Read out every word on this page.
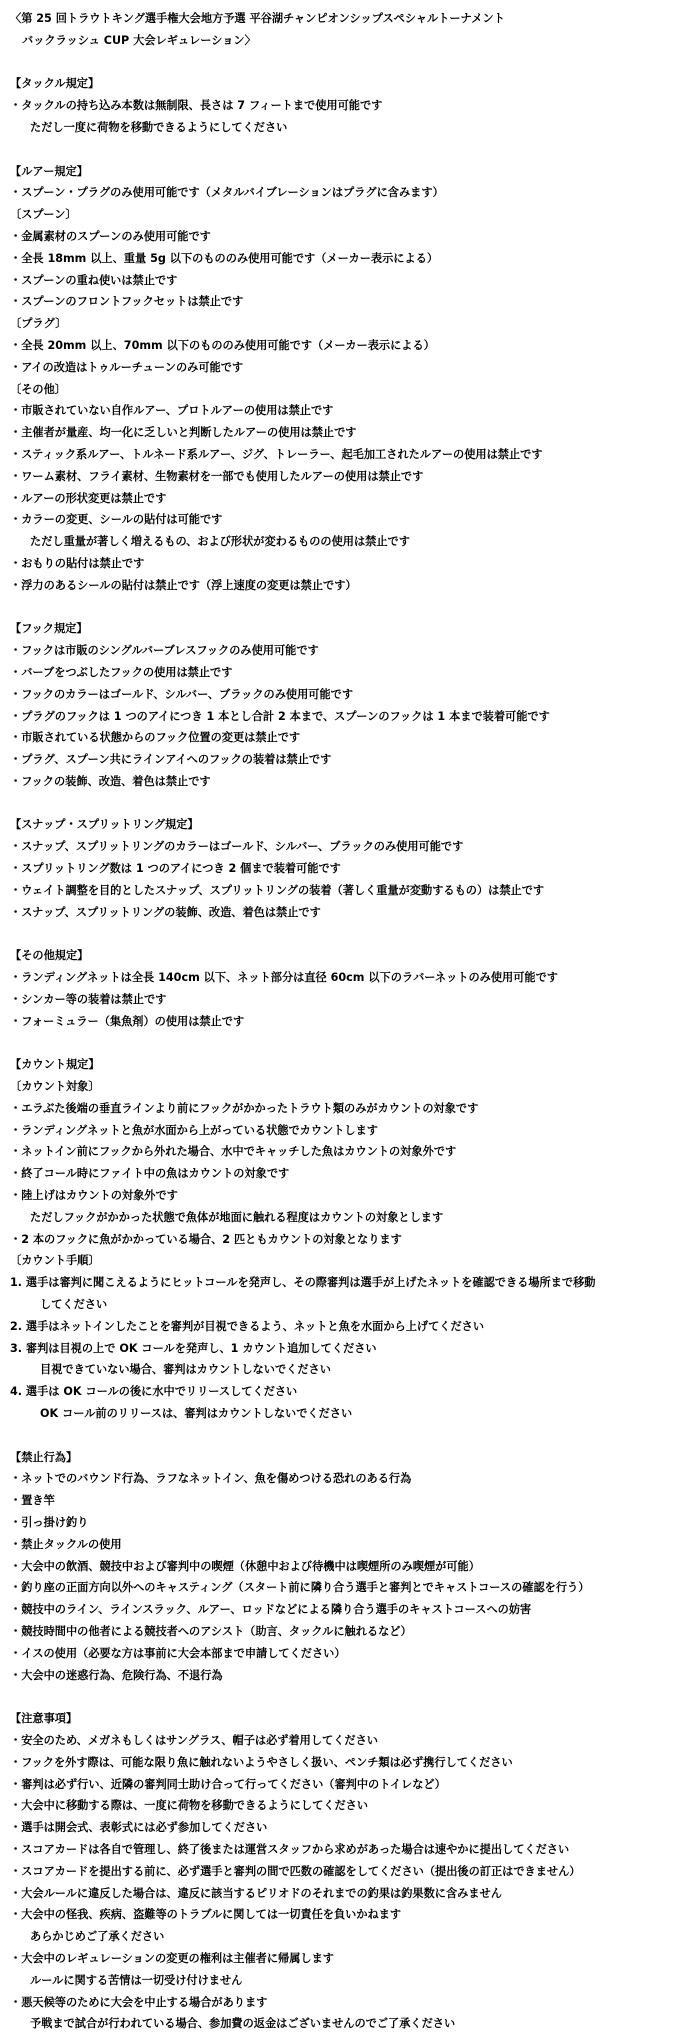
〈第 25 回トラウトキング選手権大会地方予選 平谷湖チャンピオンシップスペシャルトーナメント
バックラッシュ CUP 大会レギュレーション〉
【タックル規定】
・タックルの持ち込み本数は無制限、長さは 7 フィートまで使用可能です
ただし一度に荷物を移動できるようにしてください
【ルアー規定】
・スプーン・プラグのみ使用可能です（メタルバイブレーションはプラグに含みます）
〔スプーン〕
・金属素材のスプーンのみ使用可能です
・全長 18mm 以上、重量 5g 以下のもののみ使用可能です（メーカー表示による）
・スプーンの重ね使いは禁止です
・スプーンのフロントフックセットは禁止です
〔プラグ〕
・全長 20mm 以上、70mm 以下のもののみ使用可能です（メーカー表示による）
・アイの改造はトゥルーチューンのみ可能です
〔その他〕
・市販されていない自作ルアー、プロトルアーの使用は禁止です
・主催者が量産、均一化に乏しいと判断したルアーの使用は禁止です
・スティック系ルアー、トルネード系ルアー、ジグ、トレーラー、起毛加工されたルアーの使用は禁止です
・ワーム素材、フライ素材、生物素材を一部でも使用したルアーの使用は禁止です
・ルアーの形状変更は禁止です
・カラーの変更、シールの貼付は可能です
ただし重量が著しく増えるもの、および形状が変わるものの使用は禁止です
・おもりの貼付は禁止です
・浮力のあるシールの貼付は禁止です（浮上速度の変更は禁止です）
【フック規定】
・フックは市販のシングルバーブレスフックのみ使用可能です
・バーブをつぶしたフックの使用は禁止です
・フックのカラーはゴールド、シルバー、ブラックのみ使用可能です
・プラグのフックは 1 つのアイにつき 1 本とし合計 2 本まで、スプーンのフックは 1 本まで装着可能です
・市販されている状態からのフック位置の変更は禁止です
・プラグ、スプーン共にラインアイへのフックの装着は禁止です
・フックの装飾、改造、着色は禁止です
【スナップ・スプリットリング規定】
・スナップ、スプリットリングのカラーはゴールド、シルバー、ブラックのみ使用可能です
・スプリットリング数は 1 つのアイにつき 2 個まで装着可能です
・ウェイト調整を目的としたスナップ、スプリットリングの装着（著しく重量が変動するもの）は禁止です
・スナップ、スプリットリングの装飾、改造、着色は禁止です
【その他規定】
・ランディングネットは全長 140cm 以下、ネット部分は直径 60cm 以下のラバーネットのみ使用可能です
・シンカー等の装着は禁止です
・フォーミュラー（集魚剤）の使用は禁止です
【カウント規定】
〔カウント対象〕
・エラぶた後端の垂直ラインより前にフックがかかったトラウト類のみがカウントの対象です
・ランディングネットと魚が水面から上がっている状態でカウントします
・ネットイン前にフックから外れた場合、水中でキャッチした魚はカウントの対象外です
・終了コール時にファイト中の魚はカウントの対象です
・陸上げはカウントの対象外です
ただしフックがかかった状態で魚体が地面に触れる程度はカウントの対象とします
・2 本のフックに魚がかかっている場合、2 匹ともカウントの対象となります
〔カウント手順〕
1. 選手は審判に聞こえるようにヒットコールを発声し、その際審判は選手が上げたネットを確認できる場所まで移動
してください
2. 選手はネットインしたことを審判が目視できるよう、ネットと魚を水面から上げてください
3. 審判は目視の上で OK コールを発声し、1 カウント追加してください
目視できていない場合、審判はカウントしないでください
4. 選手は OK コールの後に水中でリリースしてください
OK コール前のリリースは、審判はカウントしないでください
【禁止行為】
・ネットでのバウンド行為、ラフなネットイン、魚を傷めつける恐れのある行為
・置き竿
・引っ掛け釣り
・禁止タックルの使用
・大会中の飲酒、競技中および審判中の喫煙（休憩中および待機中は喫煙所のみ喫煙が可能）
・釣り座の正面方向以外へのキャスティング（スタート前に隣り合う選手と審判とでキャストコースの確認を行う）
・競技中のライン、ラインスラック、ルアー、ロッドなどによる隣り合う選手のキャストコースへの妨害
・競技時間中の他者による競技者へのアシスト（助言、タックルに触れるなど）
・イスの使用（必要な方は事前に大会本部まで申請してください）
・大会中の迷惑行為、危険行為、不退行為
【注意事項】
・安全のため、メガネもしくはサングラス、帽子は必ず着用してください
・フックを外す際は、可能な限り魚に触れないようやさしく扱い、ペンチ類は必ず携行してください
・審判は必ず行い、近隣の審判同士助け合って行ってください（審判中のトイレなど）
・大会中に移動する際は、一度に荷物を移動できるようにしてください
・選手は開会式、表彰式には必ず参加してください
・スコアカードは各自で管理し、終了後または運営スタッフから求めがあった場合は速やかに提出してください
・スコアカードを提出する前に、必ず選手と審判の間で匹数の確認をしてください（提出後の訂正はできません）
・大会ルールに違反した場合は、違反に該当するピリオドのそれまでの釣果は釣果数に含みません
・大会中の怪我、疾病、盗難等のトラブルに関しては一切責任を負いかねます
あらかじめご了承ください
・大会中のレギュレーションの変更の権利は主催者に帰属します
ルールに関する苦情は一切受け付けません
・悪天候等のために大会を中止する場合があります
予戦まで試合が行われている場合、参加費の返金はございませんのでご了承ください
